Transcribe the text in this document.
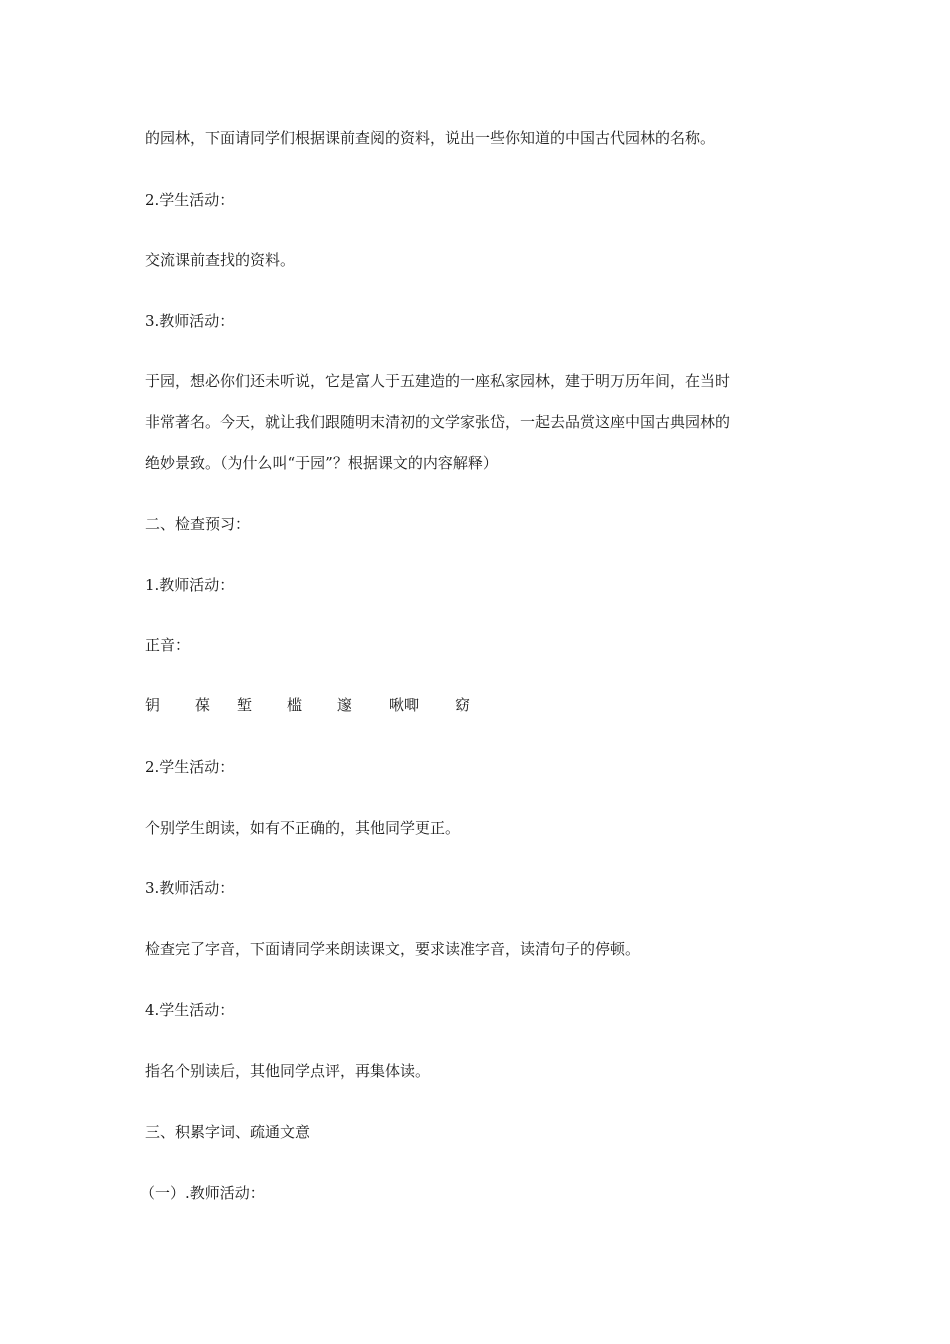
的园林，下面请同学们根据课前查阅的资料，说出一些你知道的中国古代园林的名称。
2.学生活动：
交流课前查找的资料。
3.教师活动：
于园，想必你们还未听说，它是富人于五建造的一座私家园林，建于明万历年间，在当时
非常著名。今天，就让我们跟随明末清初的文学家张岱，一起去品赏这座中国古典园林的
绝妙景致。（为什么叫“于园”？根据课文的内容解释）
二、检查预习：
1.教师活动：
正音：
钥 葆 堑 槛 邃 啾唧 窈
2.学生活动：
个别学生朗读，如有不正确的，其他同学更正。
3.教师活动：
检查完了字音，下面请同学来朗读课文，要求读准字音，读清句子的停顿。
4.学生活动：
指名个别读后，其他同学点评，再集体读。
三、积累字词、疏通文意
（一）.教师活动：
